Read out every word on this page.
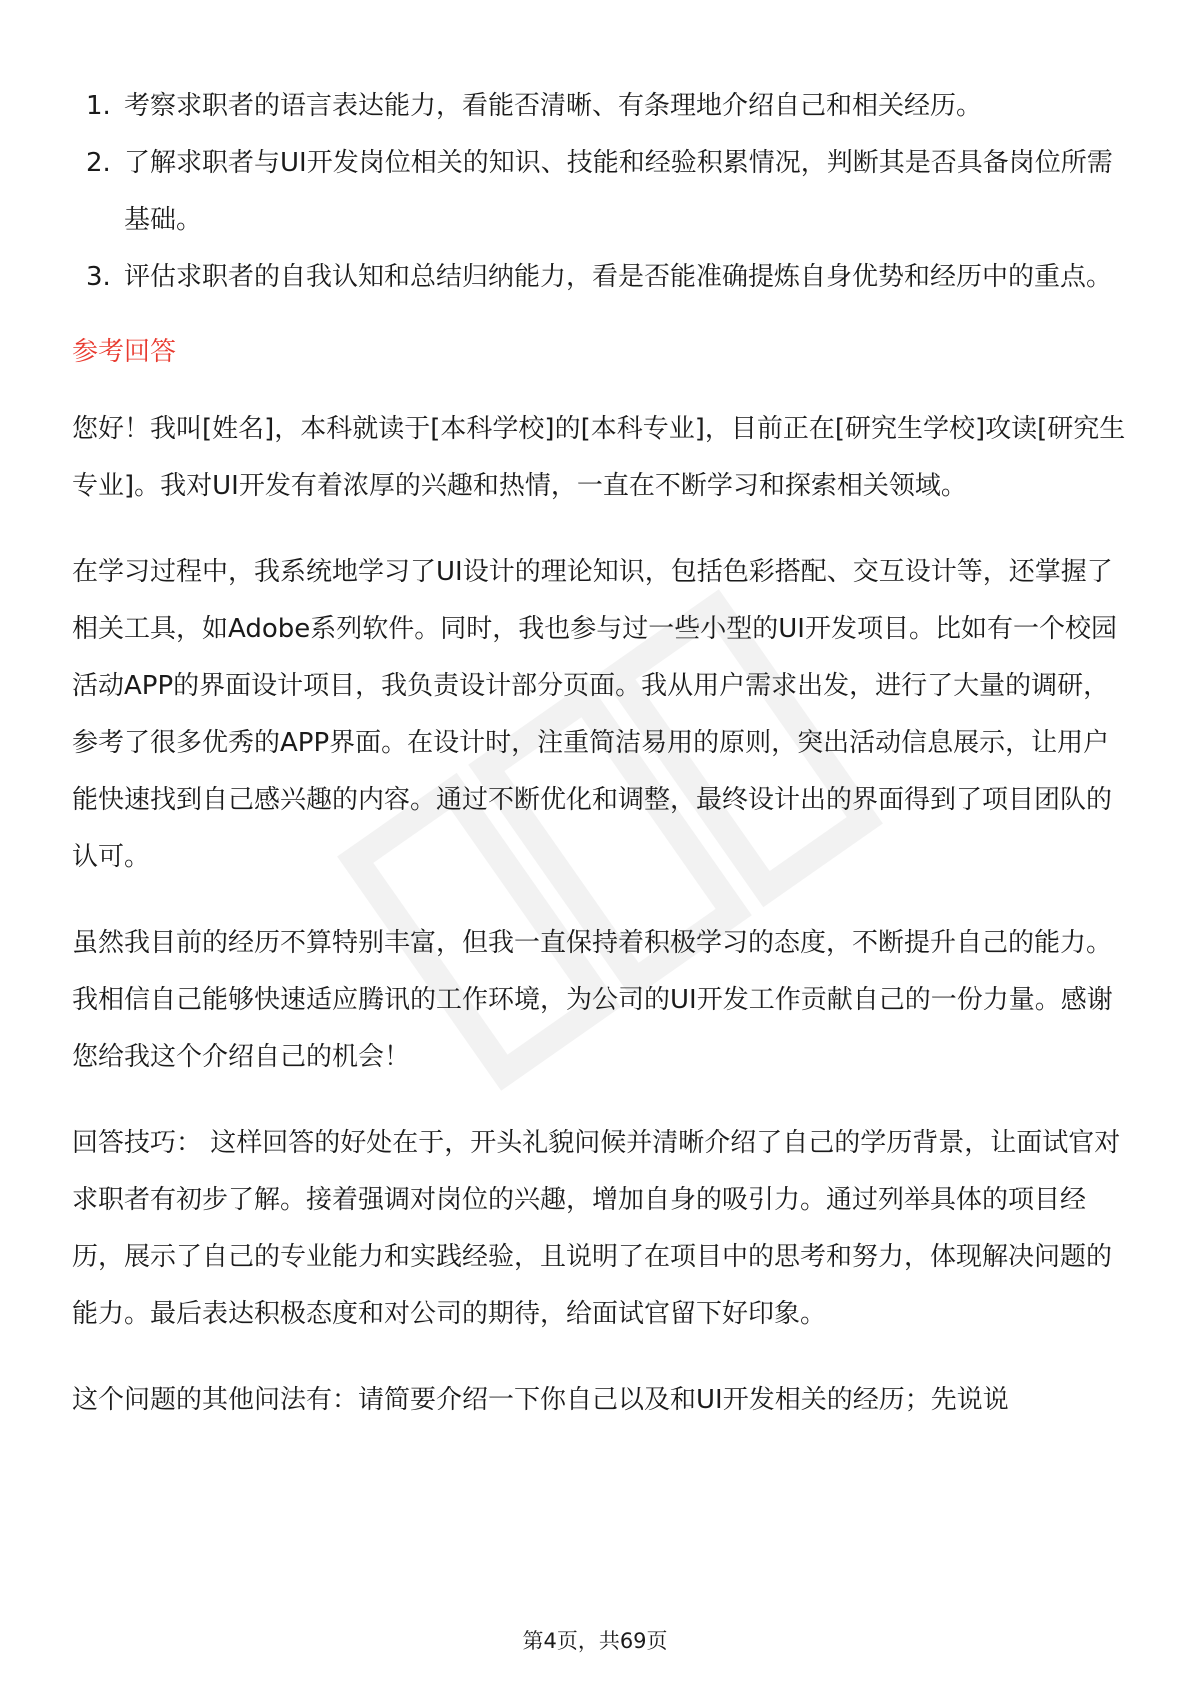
1. 考察求职者的语言表达能力，看能否清晰、有条理地介绍自己和相关经历。
2. 了解求职者与UI开发岗位相关的知识、技能和经验积累情况，判断其是否具备岗位所需基础。
3. 评估求职者的自我认知和总结归纳能力，看是否能准确提炼自身优势和经历中的重点。
参考回答

您好！我叫[姓名]，本科就读于[本科学校]的[本科专业]，目前正在[研究生学校]攻读[研究生专业]。我对UI开发有着浓厚的兴趣和热情，一直在不断学习和探索相关领域。

在学习过程中，我系统地学习了UI设计的理论知识，包括色彩搭配、交互设计等，还掌握了相关工具，如Adobe系列软件。同时，我也参与过一些小型的UI开发项目。比如有一个校园活动APP的界面设计项目，我负责设计部分页面。我从用户需求出发，进行了大量的调研，参考了很多优秀的APP界面。在设计时，注重简洁易用的原则，突出活动信息展示，让用户能快速找到自己感兴趣的内容。通过不断优化和调整，最终设计出的界面得到了项目团队的认可。

虽然我目前的经历不算特别丰富，但我一直保持着积极学习的态度，不断提升自己的能力。我相信自己能够快速适应腾讯的工作环境，为公司的UI开发工作贡献自己的一份力量。感谢您给我这个介绍自己的机会！

回答技巧： 这样回答的好处在于，开头礼貌问候并清晰介绍了自己的学历背景，让面试官对求职者有初步了解。接着强调对岗位的兴趣，增加自身的吸引力。通过列举具体的项目经历，展示了自己的专业能力和实践经验，且说明了在项目中的思考和努力，体现解决问题的能力。最后表达积极态度和对公司的期待，给面试官留下好印象。

这个问题的其他问法有：请简要介绍一下你自己以及和UI开发相关的经历；先说说

第4页，共69页
